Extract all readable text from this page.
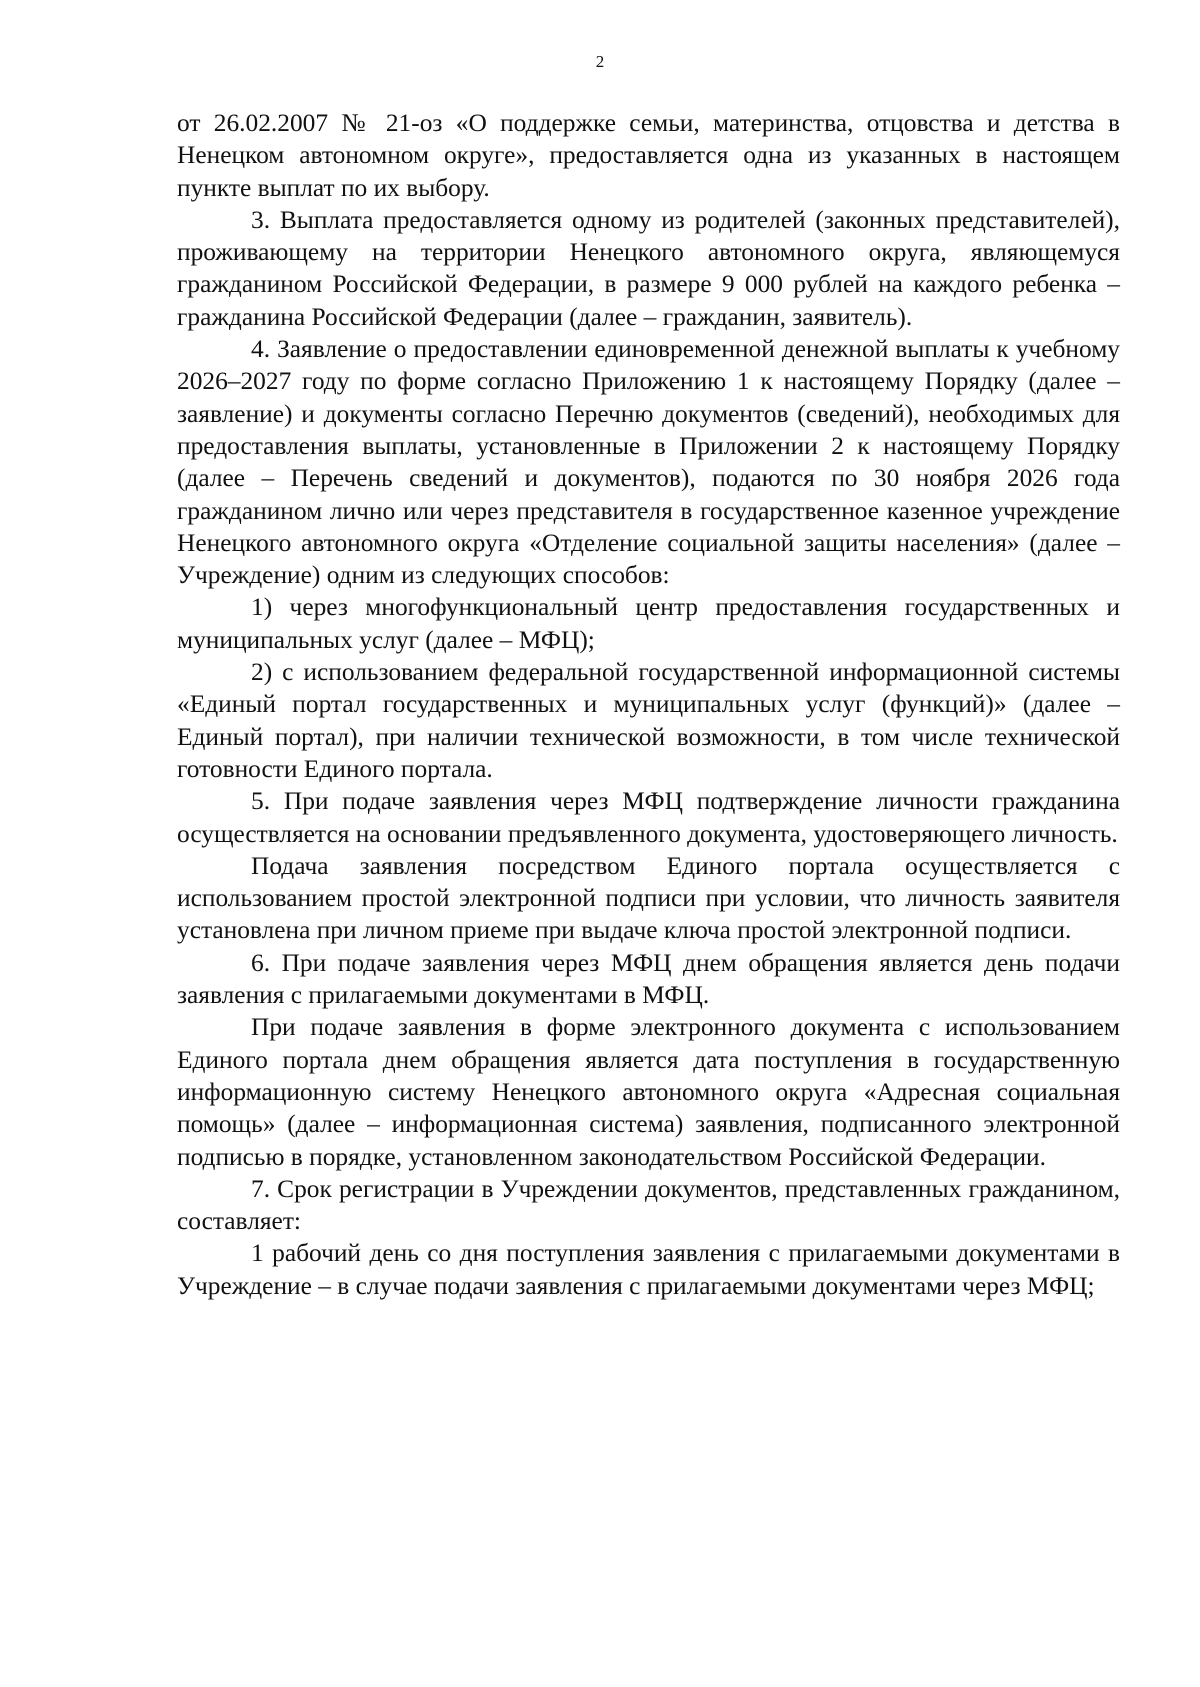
2

от 26.02.2007 № 21-оз «О поддержке семьи, материнства, отцовства и детства в Ненецком автономном округе», предоставляется одна из указанных в настоящем пункте выплат по их выбору.

3. Выплата предоставляется одному из родителей (законных представителей), проживающему на территории Ненецкого автономного округа, являющемуся гражданином Российской Федерации, в размере 9 000 рублей на каждого ребенка – гражданина Российской Федерации (далее – гражданин, заявитель).

4. Заявление о предоставлении единовременной денежной выплаты к учебному 2026–2027 году по форме согласно Приложению 1 к настоящему Порядку (далее – заявление) и документы согласно Перечню документов (сведений), необходимых для предоставления выплаты, установленные в Приложении 2 к настоящему Порядку (далее – Перечень сведений и документов), подаются по 30 ноября 2026 года гражданином лично или через представителя в государственное казенное учреждение Ненецкого автономного округа «Отделение социальной защиты населения» (далее – Учреждение) одним из следующих способов:

1) через многофункциональный центр предоставления государственных и муниципальных услуг (далее – МФЦ);

2) с использованием федеральной государственной информационной системы «Единый портал государственных и муниципальных услуг (функций)» (далее – Единый портал), при наличии технической возможности, в том числе технической готовности Единого портала.

5. При подаче заявления через МФЦ подтверждение личности гражданина осуществляется на основании предъявленного документа, удостоверяющего личность.

Подача заявления посредством Единого портала осуществляется с использованием простой электронной подписи при условии, что личность заявителя установлена при личном приеме при выдаче ключа простой электронной подписи.

6. При подаче заявления через МФЦ днем обращения является день подачи заявления с прилагаемыми документами в МФЦ.

При подаче заявления в форме электронного документа с использованием Единого портала днем обращения является дата поступления в государственную информационную систему Ненецкого автономного округа «Адресная социальная помощь» (далее – информационная система) заявления, подписанного электронной подписью в порядке, установленном законодательством Российской Федерации.

7. Срок регистрации в Учреждении документов, представленных гражданином, составляет:

1 рабочий день со дня поступления заявления с прилагаемыми документами в Учреждение – в случае подачи заявления с прилагаемыми документами через МФЦ;
